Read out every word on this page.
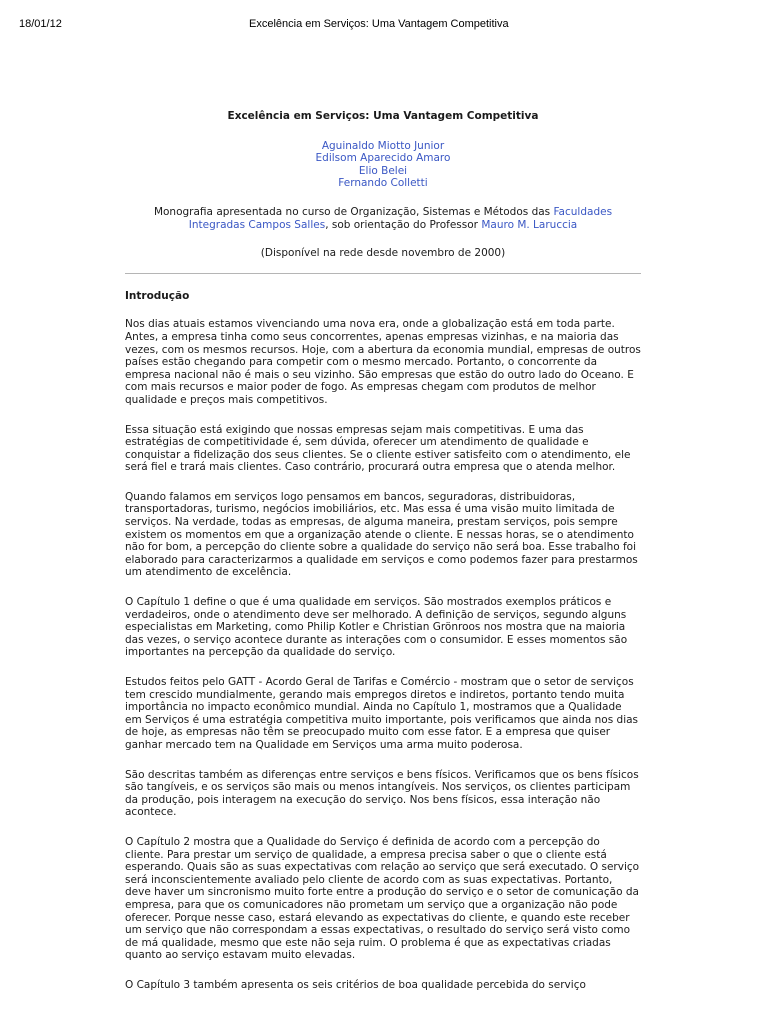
18/01/12	Excelência em Serviços: Uma Vantagem Competitiva
Excelência em Serviços: Uma Vantagem Competitiva
Aguinaldo Miotto Junior
Edilsom Aparecido Amaro
Elio Belei
Fernando Colletti
Monografia apresentada no curso de Organização, Sistemas e Métodos das Faculdades Integradas Campos Salles, sob orientação do Professor Mauro M. Laruccia
(Disponível na rede desde novembro de 2000)
Introdução

Nos dias atuais estamos vivenciando uma nova era, onde a globalização está em toda parte. Antes, a empresa tinha como seus concorrentes, apenas empresas vizinhas, e na maioria das vezes, com os mesmos recursos. Hoje, com a abertura da economia mundial, empresas de outros países estão chegando para competir com o mesmo mercado. Portanto, o concorrente da empresa nacional não é mais o seu vizinho. São empresas que estão do outro lado do Oceano. E com mais recursos e maior poder de fogo. As empresas chegam com produtos de melhor qualidade e preços mais competitivos.

Essa situação está exigindo que nossas empresas sejam mais competitivas. E uma das estratégias de competitividade é, sem dúvida, oferecer um atendimento de qualidade e conquistar a fidelização dos seus clientes. Se o cliente estiver satisfeito com o atendimento, ele será fiel e trará mais clientes. Caso contrário, procurará outra empresa que o atenda melhor.

Quando falamos em serviços logo pensamos em bancos, seguradoras, distribuidoras, transportadoras, turismo, negócios imobiliários, etc. Mas essa é uma visão muito limitada de serviços. Na verdade, todas as empresas, de alguma maneira, prestam serviços, pois sempre existem os momentos em que a organização atende o cliente. E nessas horas, se o atendimento não for bom, a percepção do cliente sobre a qualidade do serviço não será boa. Esse trabalho foi elaborado para caracterizarmos a qualidade em serviços e como podemos fazer para prestarmos um atendimento de excelência.

O Capítulo 1 define o que é uma qualidade em serviços. São mostrados exemplos práticos e verdadeiros, onde o atendimento deve ser melhorado. A definição de serviços, segundo alguns especialistas em Marketing, como Philip Kotler e Christian Grönroos nos mostra que na maioria das vezes, o serviço acontece durante as interações com o consumidor. E esses momentos são importantes na percepção da qualidade do serviço.

Estudos feitos pelo GATT - Acordo Geral de Tarifas e Comércio - mostram que o setor de serviços tem crescido mundialmente, gerando mais empregos diretos e indiretos, portanto tendo muita importância no impacto econômico mundial. Ainda no Capítulo 1, mostramos que a Qualidade em Serviços é uma estratégia competitiva muito importante, pois verificamos que ainda nos dias de hoje, as empresas não têm se preocupado muito com esse fator. E a empresa que quiser ganhar mercado tem na Qualidade em Serviços uma arma muito poderosa.

São descritas também as diferenças entre serviços e bens físicos. Verificamos que os bens físicos são tangíveis, e os serviços são mais ou menos intangíveis. Nos serviços, os clientes participam da produção, pois interagem na execução do serviço. Nos bens físicos, essa interação não acontece.

O Capítulo 2 mostra que a Qualidade do Serviço é definida de acordo com a percepção do cliente. Para prestar um serviço de qualidade, a empresa precisa saber o que o cliente está esperando. Quais são as suas expectativas com relação ao serviço que será executado. O serviço será inconscientemente avaliado pelo cliente de acordo com as suas expectativas. Portanto, deve haver um sincronismo muito forte entre a produção do serviço e o setor de comunicação da empresa, para que os comunicadores não prometam um serviço que a organização não pode oferecer. Porque nesse caso, estará elevando as expectativas do cliente, e quando este receber um serviço que não correspondam a essas expectativas, o resultado do serviço será visto como de má qualidade, mesmo que este não seja ruim. O problema é que as expectativas criadas quanto ao serviço estavam muito elevadas.

O Capítulo 3 também apresenta os seis critérios de boa qualidade percebida do serviço
